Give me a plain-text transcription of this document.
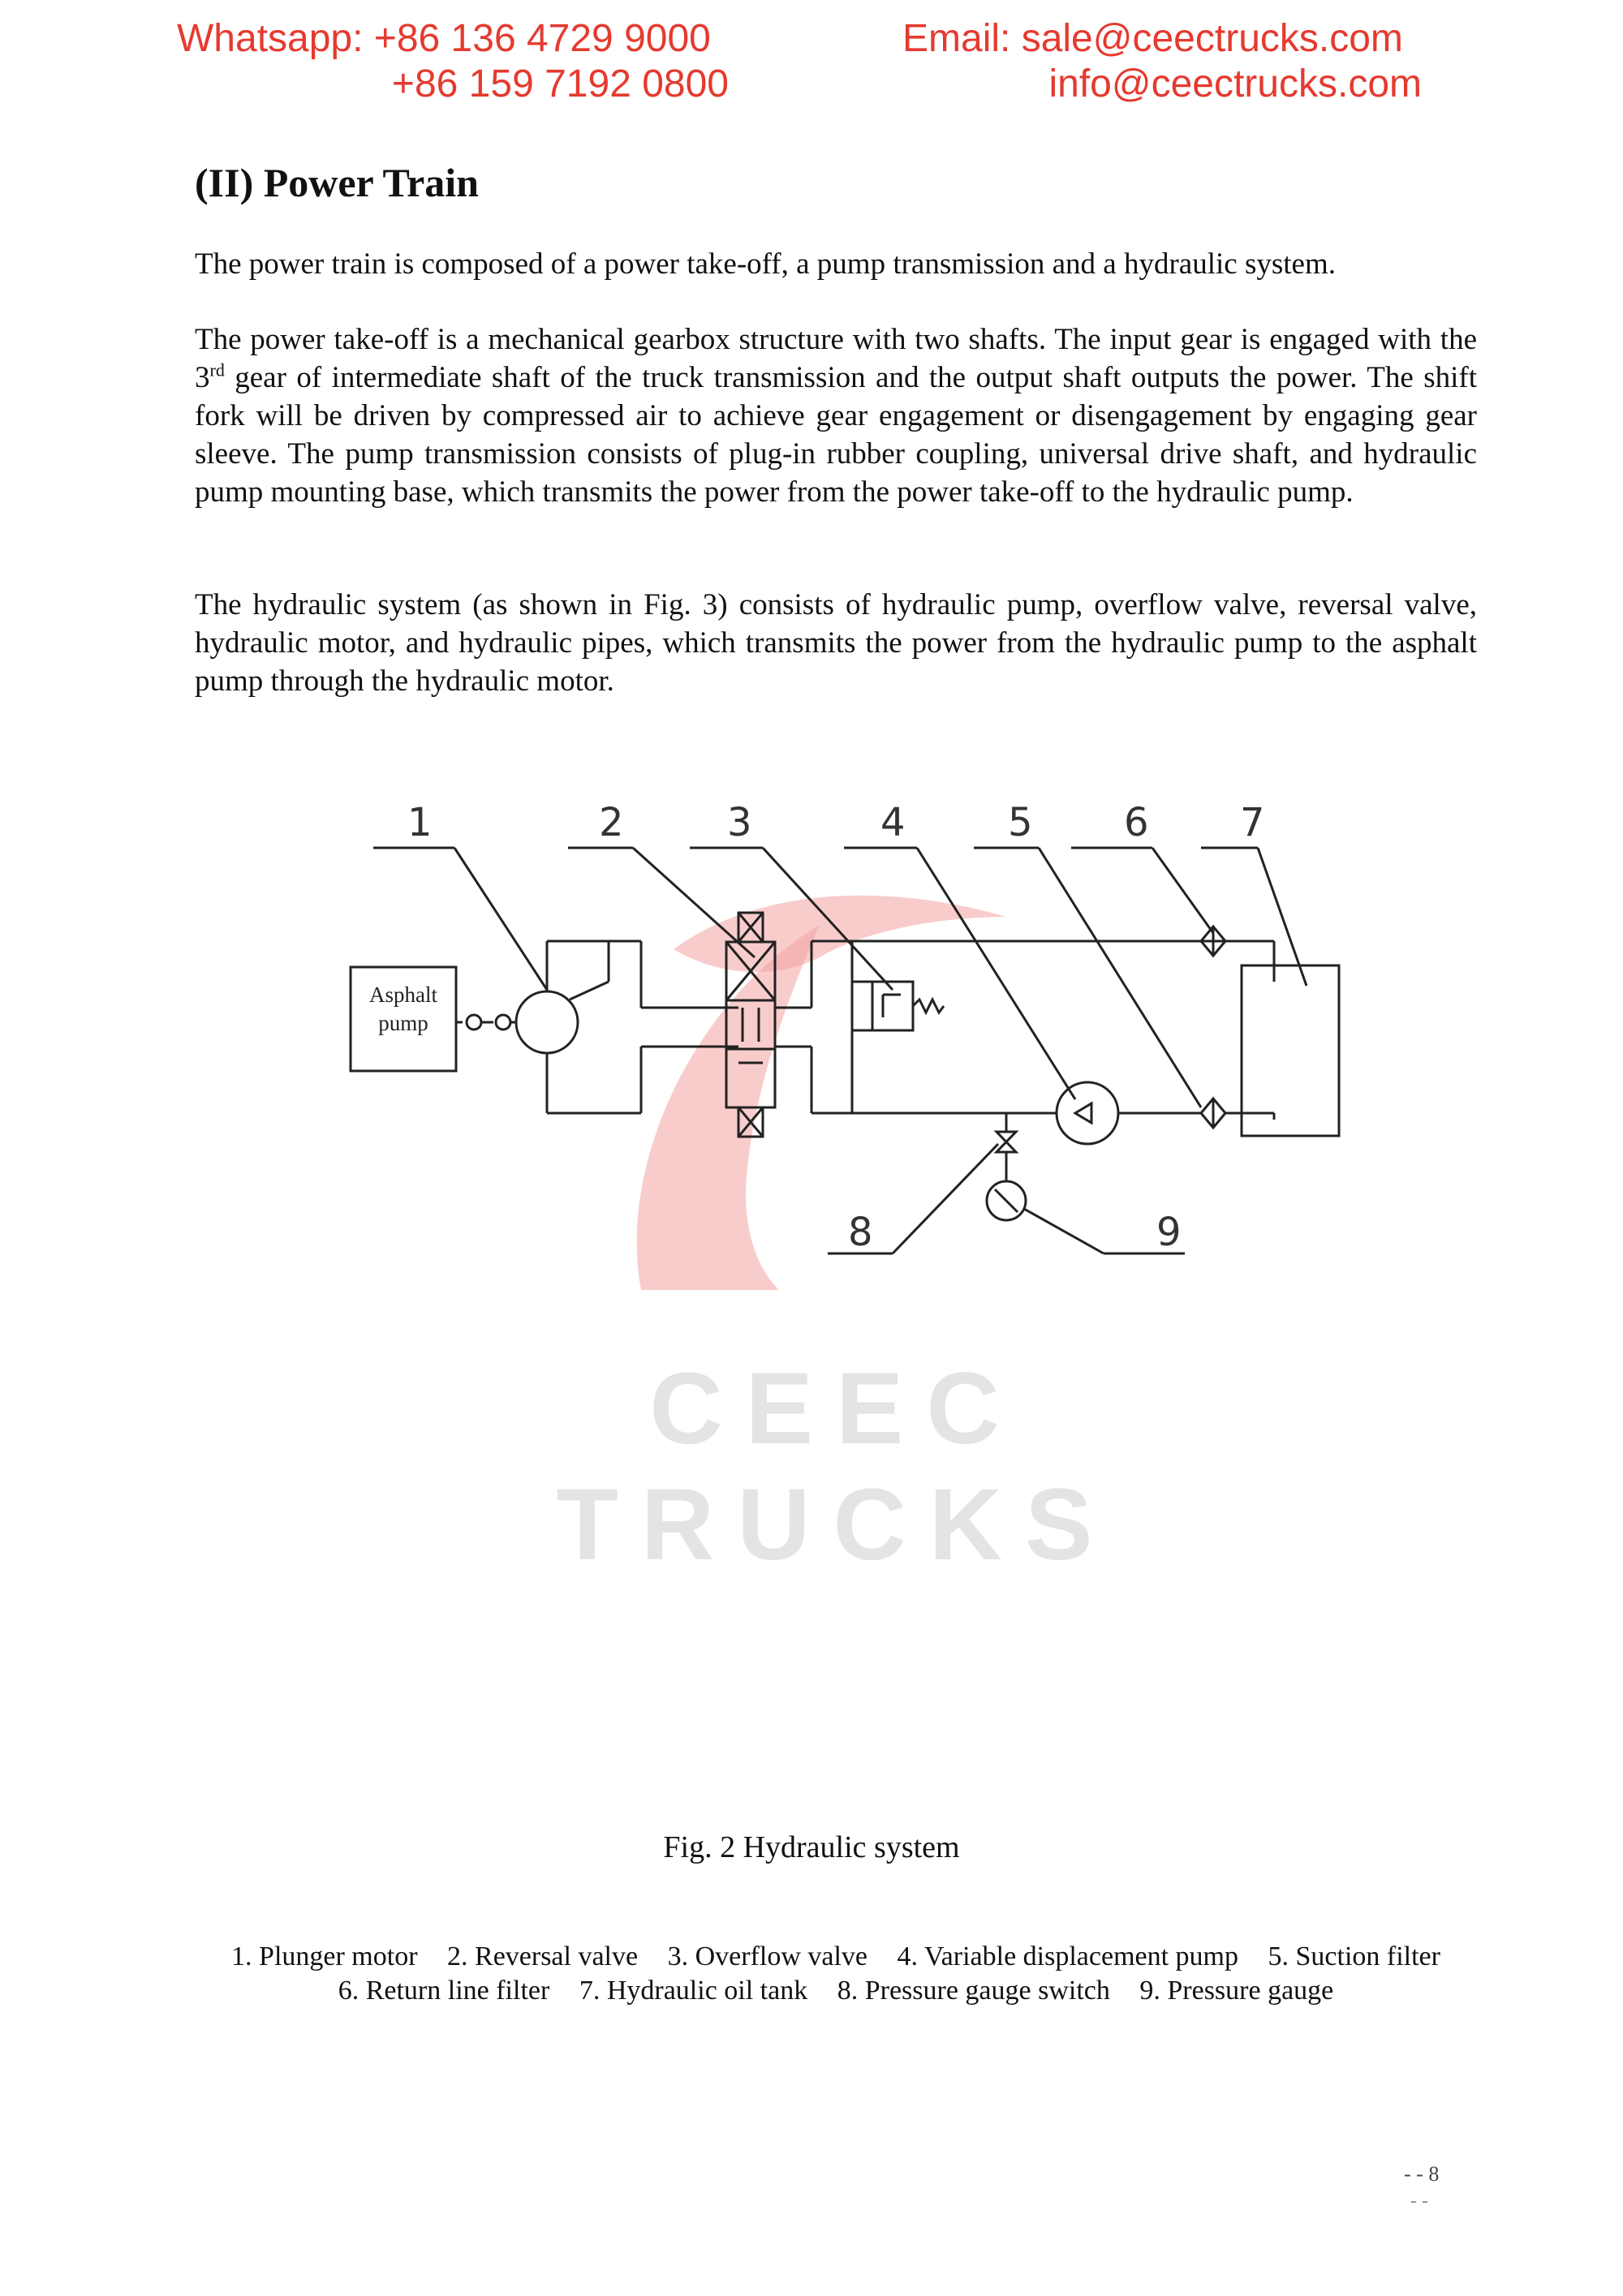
Whatsapp: +86 136 4729 9000
+86 159 7192 0800
Email: sale@ceectrucks.com
info@ceectrucks.com
CEEC TRUCKS
(II) Power Train

The power train is composed of a power take-off, a pump transmission and a hydraulic system.

The power take-off is a mechanical gearbox structure with two shafts. The input gear is engaged with the 3rd gear of intermediate shaft of the truck transmission and the output shaft outputs the power. The shift fork will be driven by compressed air to achieve gear engagement or disengagement by engaging gear sleeve. The pump transmission consists of plug-in rubber coupling, universal drive shaft, and hydraulic pump mounting base, which transmits the power from the power take-off to the hydraulic pump.

The hydraulic system (as shown in Fig. 3) consists of hydraulic pump, overflow valve, reversal valve, hydraulic motor, and hydraulic pipes, which transmits the power from the hydraulic pump to the asphalt pump through the hydraulic motor.

Asphalt
pump
1	2	3	4	5 6 7
8	9
Fig. 2 Hydraulic system
1. Plunger motor 2. Reversal valve 3. Overflow valve 4. Variable displacement pump 5. Suction filter
6. Return line filter 7. Hydraulic oil tank 8. Pressure gauge switch 9. Pressure gauge
- - 8
- -
